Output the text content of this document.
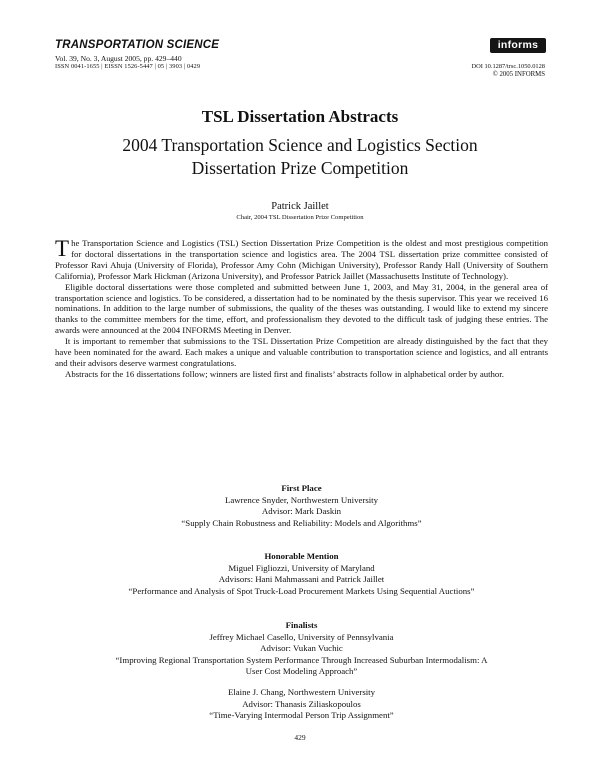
TRANSPORTATION SCIENCE
Vol. 39, No. 3, August 2005, pp. 429–440
ISSN 0041-1655 | EISSN 1526-5447 | 05 | 3903 | 0429
informs
DOI 10.1287/trsc.1050.0128
© 2005 INFORMS
TSL Dissertation Abstracts
2004 Transportation Science and Logistics Section
Dissertation Prize Competition
Patrick Jaillet
Chair, 2004 TSL Dissertation Prize Competition

The Transportation Science and Logistics (TSL) Section Dissertation Prize Competition is the oldest and most prestigious competition for doctoral dissertations in the transportation science and logistics area. The 2004 TSL dissertation prize committee consisted of Professor Ravi Ahuja (University of Florida), Professor Amy Cohn (Michigan University), Professor Randy Hall (University of Southern California), Professor Mark Hickman (Arizona University), and Professor Patrick Jaillet (Massachusetts Institute of Technology).

Eligible doctoral dissertations were those completed and submitted between June 1, 2003, and May 31, 2004, in the general area of transportation science and logistics. To be considered, a dissertation had to be nominated by the thesis supervisor. This year we received 16 nominations. In addition to the large number of submissions, the quality of the theses was outstanding. I would like to extend my sincere thanks to the committee members for the time, effort, and professionalism they devoted to the difficult task of judging these entries. The awards were announced at the 2004 INFORMS Meeting in Denver.

It is important to remember that submissions to the TSL Dissertation Prize Competition are already distinguished by the fact that they have been nominated for the award. Each makes a unique and valuable contribution to transportation science and logistics, and all entrants and their advisors deserve warmest congratulations.

Abstracts for the 16 dissertations follow; winners are listed first and finalists’ abstracts follow in alphabetical order by author.

First Place
Lawrence Snyder, Northwestern University
Advisor: Mark Daskin
“Supply Chain Robustness and Reliability: Models and Algorithms”
Honorable Mention
Miguel Figliozzi, University of Maryland
Advisors: Hani Mahmassani and Patrick Jaillet
“Performance and Analysis of Spot Truck-Load Procurement Markets Using Sequential Auctions”
Finalists
Jeffrey Michael Casello, University of Pennsylvania
Advisor: Vukan Vuchic
“Improving Regional Transportation System Performance Through Increased Suburban Intermodalism: A
User Cost Modeling Approach”
Elaine J. Chang, Northwestern University
Advisor: Thanasis Ziliaskopoulos
“Time-Varying Intermodal Person Trip Assignment”
429
